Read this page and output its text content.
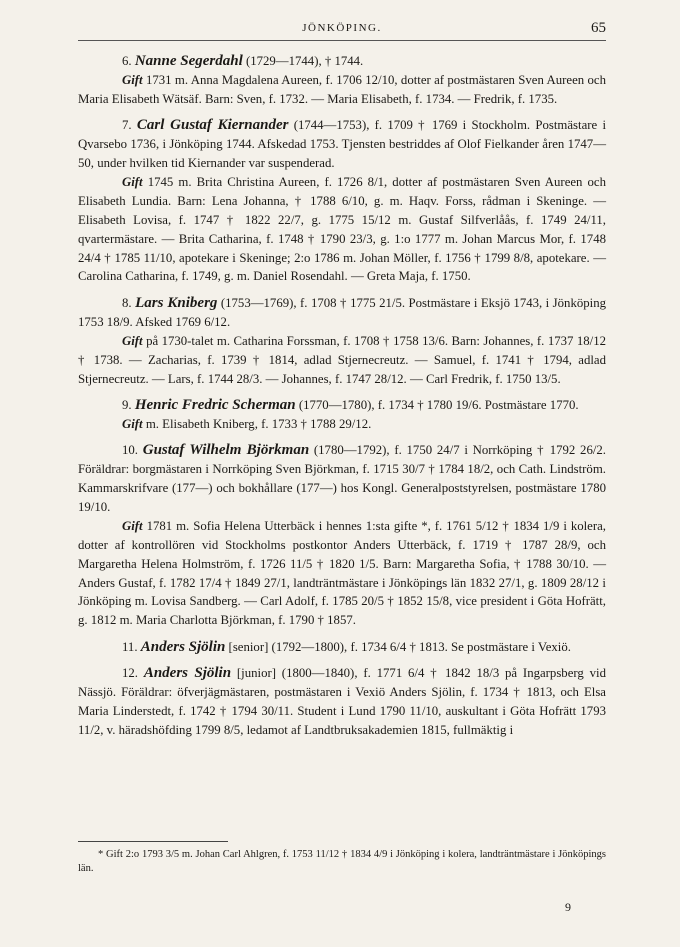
JÖNKÖPING.	65

6. Nanne Segerdahl (1729—1744), † 1744.

Gift 1731 m. Anna Magdalena Aureen, f. 1706 12/10, dotter af postmästaren Sven Aureen och Maria Elisabeth Wätsäf. Barn: Sven, f. 1732. — Maria Elisabeth, f. 1734. — Fredrik, f. 1735.

7. Carl Gustaf Kiernander (1744—1753), f. 1709 † 1769 i Stockholm. Postmästare i Qvarsebo 1736, i Jönköping 1744. Afskedad 1753. Tjensten bestriddes af Olof Fielkander åren 1747—50, under hvilken tid Kiernander var suspenderad.

Gift 1745 m. Brita Christina Aureen, f. 1726 8/1, dotter af postmästaren Sven Aureen och Elisabeth Lundia. Barn: Lena Johanna, † 1788 6/10, g. m. Haqv. Forss, rådman i Skeninge. — Elisabeth Lovisa, f. 1747 † 1822 22/7, g. 1775 15/12 m. Gustaf Silfverlåås, f. 1749 24/11, qvartermästare. — Brita Catharina, f. 1748 † 1790 23/3, g. 1:o 1777 m. Johan Marcus Mor, f. 1748 24/4 † 1785 11/10, apotekare i Skeninge; 2:o 1786 m. Johan Möller, f. 1756 † 1799 8/8, apotekare. — Carolina Catharina, f. 1749, g. m. Daniel Rosendahl. — Greta Maja, f. 1750.

8. Lars Kniberg (1753—1769), f. 1708 † 1775 21/5. Postmästare i Eksjö 1743, i Jönköping 1753 18/9. Afsked 1769 6/12.

Gift på 1730-talet m. Catharina Forssman, f. 1708 † 1758 13/6. Barn: Johannes, f. 1737 18/12 † 1738. — Zacharias, f. 1739 † 1814, adlad Stjernecreutz. — Samuel, f. 1741 † 1794, adlad Stjernecreutz. — Lars, f. 1744 28/3. — Johannes, f. 1747 28/12. — Carl Fredrik, f. 1750 13/5.

9. Henric Fredric Scherman (1770—1780), f. 1734 † 1780 19/6. Postmästare 1770.

Gift m. Elisabeth Kniberg, f. 1733 † 1788 29/12.

10. Gustaf Wilhelm Björkman (1780—1792), f. 1750 24/7 i Norrköping † 1792 26/2. Föräldrar: borgmästaren i Norrköping Sven Björkman, f. 1715 30/7 † 1784 18/2, och Cath. Lindström. Kammarskrifvare (177—) och bokhållare (177—) hos Kongl. Generalpoststyrelsen, postmästare 1780 19/10.

Gift 1781 m. Sofia Helena Utterbäck i hennes 1:sta gifte *, f. 1761 5/12 † 1834 1/9 i kolera, dotter af kontrollören vid Stockholms postkontor Anders Utterbäck, f. 1719 † 1787 28/9, och Margaretha Helena Holmström, f. 1726 11/5 † 1820 1/5. Barn: Margaretha Sofia, † 1788 30/10. — Anders Gustaf, f. 1782 17/4 † 1849 27/1, landträntmästare i Jönköpings län 1832 27/1, g. 1809 28/12 i Jönköping m. Lovisa Sandberg. — Carl Adolf, f. 1785 20/5 † 1852 15/8, vice president i Göta Hofrätt, g. 1812 m. Maria Charlotta Björkman, f. 1790 † 1857.

11. Anders Sjölin [senior] (1792—1800), f. 1734 6/4 † 1813. Se postmästare i Vexiö.

12. Anders Sjölin [junior] (1800—1840), f. 1771 6/4 † 1842 18/3 på Ingarpsberg vid Nässjö. Föräldrar: öfverjägmästaren, postmästaren i Vexiö Anders Sjölin, f. 1734 † 1813, och Elsa Maria Linderstedt, f. 1742 † 1794 30/11. Student i Lund 1790 11/10, auskultant i Göta Hofrätt 1793 11/2, v. häradshöfding 1799 8/5, ledamot af Landtbruksakademien 1815, fullmäktig i

* Gift 2:o 1793 3/5 m. Johan Carl Ahlgren, f. 1753 11/12 † 1834 4/9 i Jönköping i kolera, landträntmästare i Jönköpings län.

9
